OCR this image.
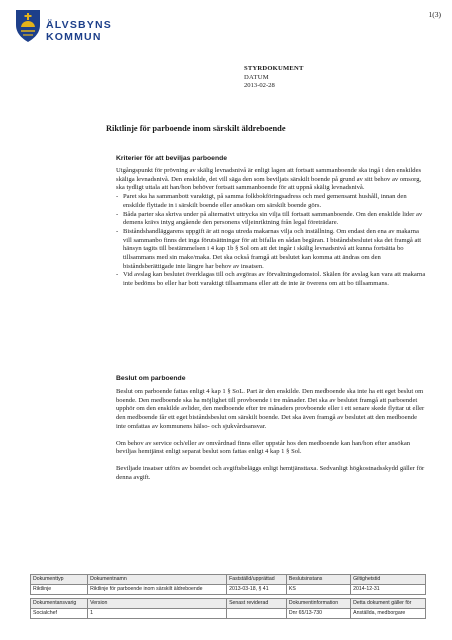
ÄLVSBYNS
KOMMUN
1(3)
STYRDOKUMENT
DATUM
2013-02-28
Riktlinje för parboende inom särskilt äldreboende
Kriterier för att beviljas parboende

Utgångspunkt för prövning av skälig levnadsnivå är enligt lagen att fortsatt sammanboende ska ingå i den enskildes skäliga levnadsnivå. Den enskilde, det vill säga den som beviljats särskilt boende på grund av sitt behov av omsorg, ska tydligt uttala att han/hon behöver fortsatt sammanboende för att uppnå skälig levnadsnivå.

- Paret ska ha sammanbott varaktigt, på samma folkbokföringsadress och med gemensamt hushåll, innan den enskilde flyttade in i särskilt boende eller ansökan om särskilt boende görs.

- Båda parter ska skriva under på alternativt uttrycka sin vilja till fortsatt sammanboende. Om den enskilde lider av demens krävs intyg angående den personens viljeinriktning från legal företrädare.

- Biståndshandläggarens uppgift är att noga utreda makarnas vilja och inställning. Om endast den ena av makarna vill sammanbo finns det inga förutsättningar för att bifalla en sådan begäran. I biståndsbeslutet ska det framgå att hänsyn tagits till bestämmelsen i 4 kap 1b § Sol om att det ingår i skälig levnadsnivå att kunna fortsätta bo tillsammans med sin make/maka. Det ska också framgå att beslutet kan komma att ändras om den biståndsberättigade inte längre har behov av insatsen.

- Vid avslag kan beslutet överklagas till och avgöras av förvaltningsdomstol. Skälen för avslag kan vara att makarna inte bedöms bo eller har bott varaktigt tillsammans eller att de inte är överens om att bo tillsammans.

Beslut om parboende

Beslut om parboende fattas enligt 4 kap 1 § SoL. Part är den enskilde. Den medboende ska inte ha ett eget beslut om boende. Den medboende ska ha möjlighet till provboende i tre månader. Det ska av beslutet framgå att parboendet upphör om den enskilde avlider, den medboende efter tre månaders provboende eller i ett senare skede flyttar ut eller den medboende får ett eget biståndsbeslut om särskilt boende. Det ska även framgå av beslutet att den medboende inte omfattas av kommunens hälso- och sjukvårdsansvar.

Om behov av service och/eller av omvårdnad finns eller uppstår hos den medboende kan han/hon efter ansökan beviljas hemtjänst enligt separat beslut som fattas enligt 4 kap 1 § Sol.

Beviljade insatser utförs av boendet och avgiftsbeläggs enligt hemtjänsttaxa. Sedvanligt högkostnadsskydd gäller för denna avgift.

Dokumenttyp	Dokumentnamn	Fastställd/upprättad	Beslutsinstans	Giltighetstid
Riktlinje	Riktlinje för parboende inom särskilt äldreboende	2013-03-18, § 41	KS	2014-12-31

Dokumentansvarig	Version	Senast reviderad	Dokumentinformation	Detta dokument gäller för
Socialchef	1		Dnr 65/13-730	Anställda, medborgare
